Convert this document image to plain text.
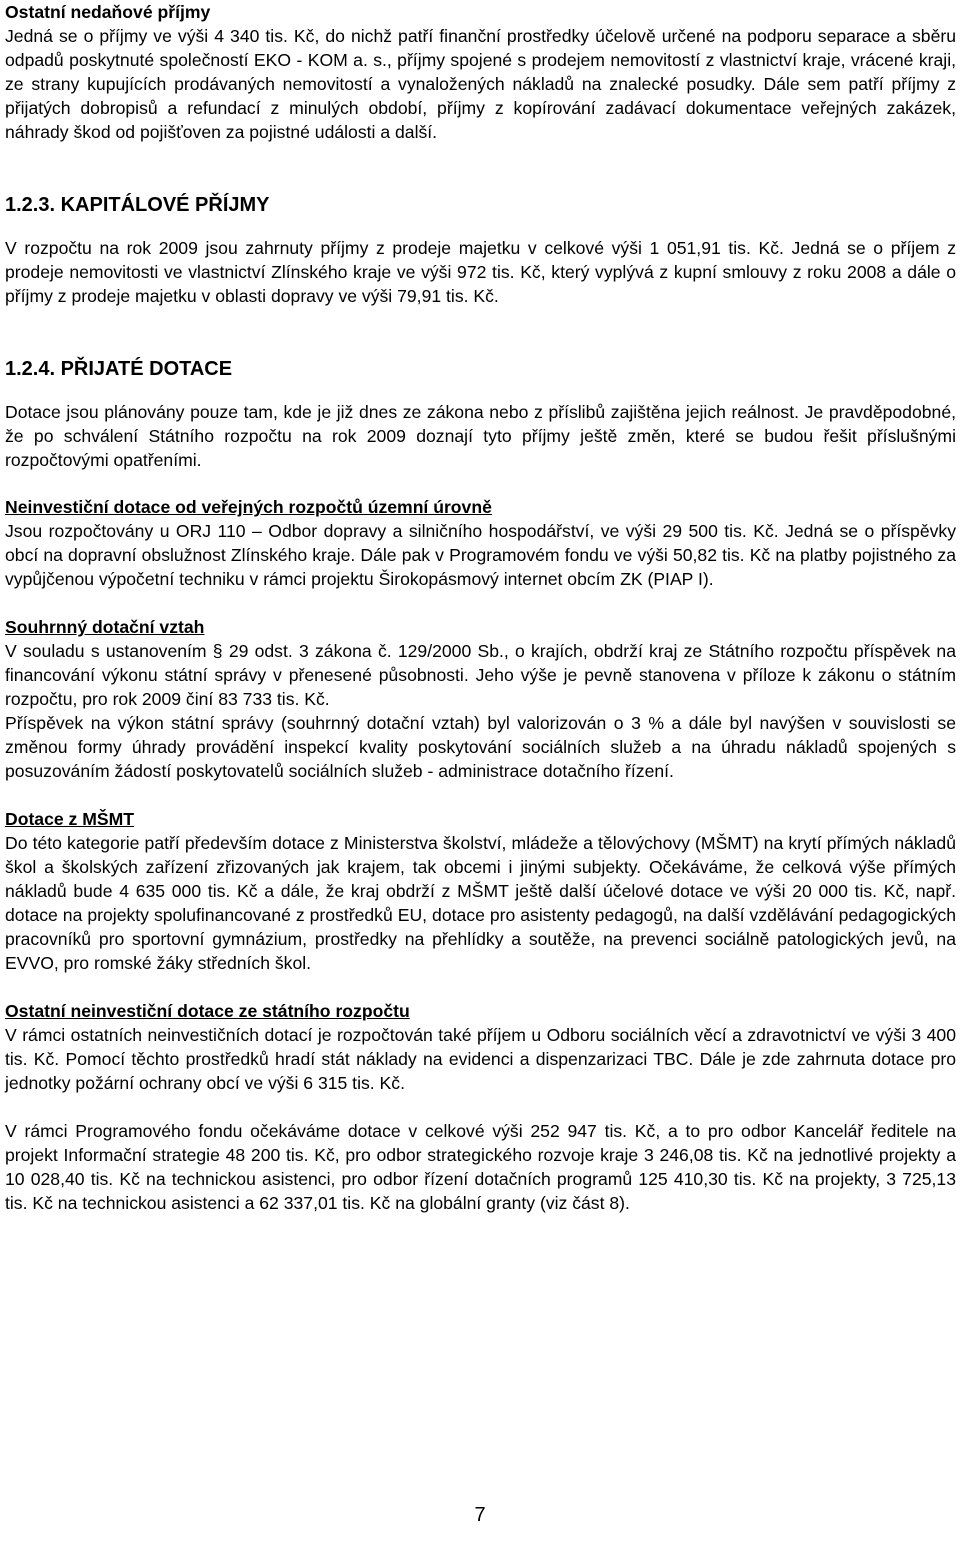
Ostatní nedaňové příjmy

Jedná se o příjmy ve výši 4 340 tis. Kč, do nichž patří finanční prostředky účelově určené na podporu separace a sběru odpadů poskytnuté společností EKO - KOM a. s., příjmy spojené s prodejem nemovitostí z vlastnictví kraje, vrácené kraji, ze strany kupujících prodávaných nemovitostí a vynaložených nákladů na znalecké posudky. Dále sem patří příjmy z přijatých dobropisů a refundací z minulých období, příjmy z kopírování zadávací dokumentace veřejných zakázek, náhrady škod od pojišťoven za pojistné události a další.

1.2.3. KAPITÁLOVÉ PŘÍJMY

V rozpočtu na rok 2009 jsou zahrnuty příjmy z prodeje majetku v celkové výši 1 051,91 tis. Kč. Jedná se o příjem z prodeje nemovitosti ve vlastnictví Zlínského kraje ve výši 972 tis. Kč, který vyplývá z kupní smlouvy z roku 2008 a dále o příjmy z prodeje majetku v oblasti dopravy ve výši 79,91 tis. Kč.

1.2.4. PŘIJATÉ DOTACE

Dotace jsou plánovány pouze tam, kde je již dnes ze zákona nebo z příslibů zajištěna jejich reálnost. Je pravděpodobné, že po schválení Státního rozpočtu na rok 2009 doznají tyto příjmy ještě změn, které se budou řešit příslušnými rozpočtovými opatřeními.

Neinvestiční dotace od veřejných rozpočtů územní úrovně

Jsou rozpočtovány u ORJ 110 – Odbor dopravy a silničního hospodářství, ve výši 29 500 tis. Kč. Jedná se o příspěvky obcí na dopravní obslužnost Zlínského kraje. Dále pak v Programovém fondu ve výši 50,82 tis. Kč na platby pojistného za vypůjčenou výpočetní techniku v rámci projektu Širokopásmový internet obcím ZK (PIAP I).

Souhrnný dotační vztah

V souladu s ustanovením § 29 odst. 3 zákona č. 129/2000 Sb., o krajích, obdrží kraj ze Státního rozpočtu příspěvek na financování výkonu státní správy v přenesené působnosti. Jeho výše je pevně stanovena v příloze k zákonu o státním rozpočtu, pro rok 2009 činí 83 733 tis. Kč.

Příspěvek na výkon státní správy (souhrnný dotační vztah) byl valorizován o 3 % a dále byl navýšen v souvislosti se změnou formy úhrady provádění inspekcí kvality poskytování sociálních služeb a na úhradu nákladů spojených s posuzováním žádostí poskytovatelů sociálních služeb - administrace dotačního řízení.

Dotace z MŠMT

Do této kategorie patří především dotace z Ministerstva školství, mládeže a tělovýchovy (MŠMT) na krytí přímých nákladů škol a školských zařízení zřizovaných jak krajem, tak obcemi i jinými subjekty. Očekáváme, že celková výše přímých nákladů bude 4 635 000 tis. Kč a dále, že kraj obdrží z MŠMT ještě další účelové dotace ve výši 20 000 tis. Kč, např. dotace na projekty spolufinancované z prostředků EU, dotace pro asistenty pedagogů, na další vzdělávání pedagogických pracovníků pro sportovní gymnázium, prostředky na přehlídky a soutěže, na prevenci sociálně patologických jevů, na EVVO, pro romské žáky středních škol.

Ostatní neinvestiční dotace ze státního rozpočtu

V rámci ostatních neinvestičních dotací je rozpočtován také příjem u Odboru sociálních věcí a zdravotnictví ve výši 3 400 tis. Kč. Pomocí těchto prostředků hradí stát náklady na evidenci a dispenzarizaci TBC. Dále je zde zahrnuta dotace pro jednotky požární ochrany obcí ve výši 6 315 tis. Kč.

V rámci Programového fondu očekáváme dotace v celkové výši 252 947 tis. Kč, a to pro odbor Kancelář ředitele na projekt Informační strategie 48 200 tis. Kč, pro odbor strategického rozvoje kraje 3 246,08 tis. Kč na jednotlivé projekty a 10 028,40 tis. Kč na technickou asistenci, pro odbor řízení dotačních programů 125 410,30 tis. Kč na projekty, 3 725,13 tis. Kč na technickou asistenci a 62 337,01 tis. Kč na globální granty (viz část 8).

7
